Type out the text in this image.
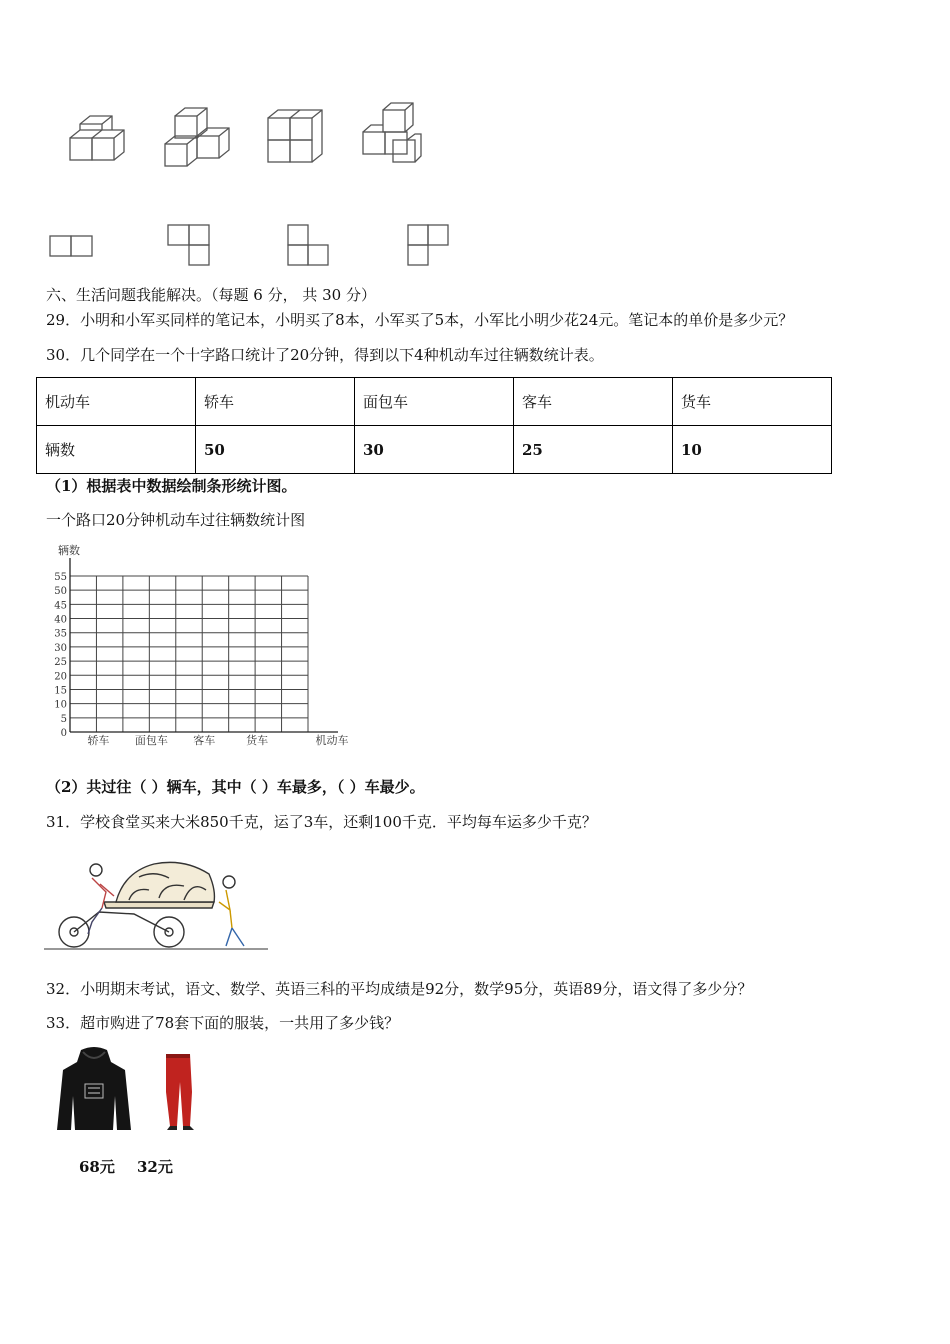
六、生活问题我能解决。（每题 6 分， 共 30 分）
29．小明和小军买同样的笔记本，小明买了8本，小军买了5本，小军比小明少花24元。笔记本的单价是多少元？
30．几个同学在一个十字路口统计了20分钟，得到以下4种机动车过往辆数统计表。
机动车	轿车	面包车	客车	货车
辆数	50	30	25	10
（1）根据表中数据绘制条形统计图。
一个路口20分钟机动车过往辆数统计图
辆数
0
5
10
15
20
25
30
35
40
45
50
55
轿车 面包车 客车	货车	机动车
（2）共过往（ ）辆车，其中（ ）车最多，（ ）车最少。
31．学校食堂买来大米850千克，运了3车，还剩100千克．平均每车运多少千克？
32．小明期末考试，语文、数学、英语三科的平均成绩是92分，数学95分，英语89分，语文得了多少分？
33．超市购进了78套下面的服装，一共用了多少钱？
68元 32元
